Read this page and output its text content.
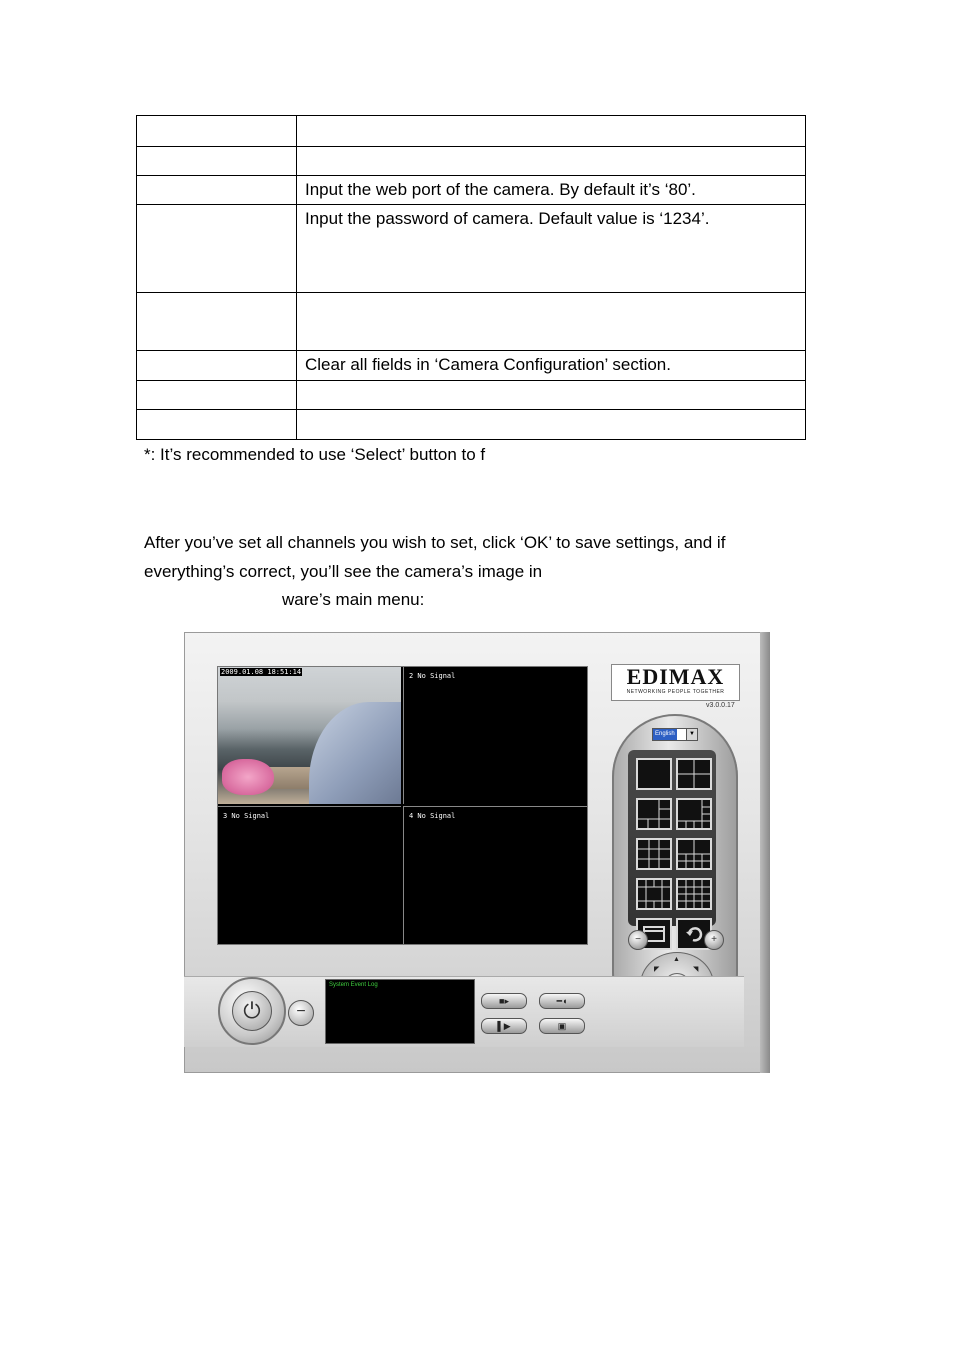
	Input the web port of the camera. By default it’s ‘80’.
	Input the password of camera. Default value is ‘1234’.

	Clear all fields in ‘Camera Configuration’ section.

*: It’s recommended to use ‘Select’ button to f
After you’ve set all channels you wish to set, click ‘OK’ to save settings, and if
everything’s correct, you’ll see the camera’s image in
ware’s main menu:
2009.01.08 18:51:14	2 No Signal
3 No Signal	4 No Signal
EDIMAX
NETWORKING PEOPLE TOGETHER
v3.0.0.17
English	▼
−	+
▲
◤	◥
⏻	−
System Event Log
■▸	━◖
▌▶	▣
